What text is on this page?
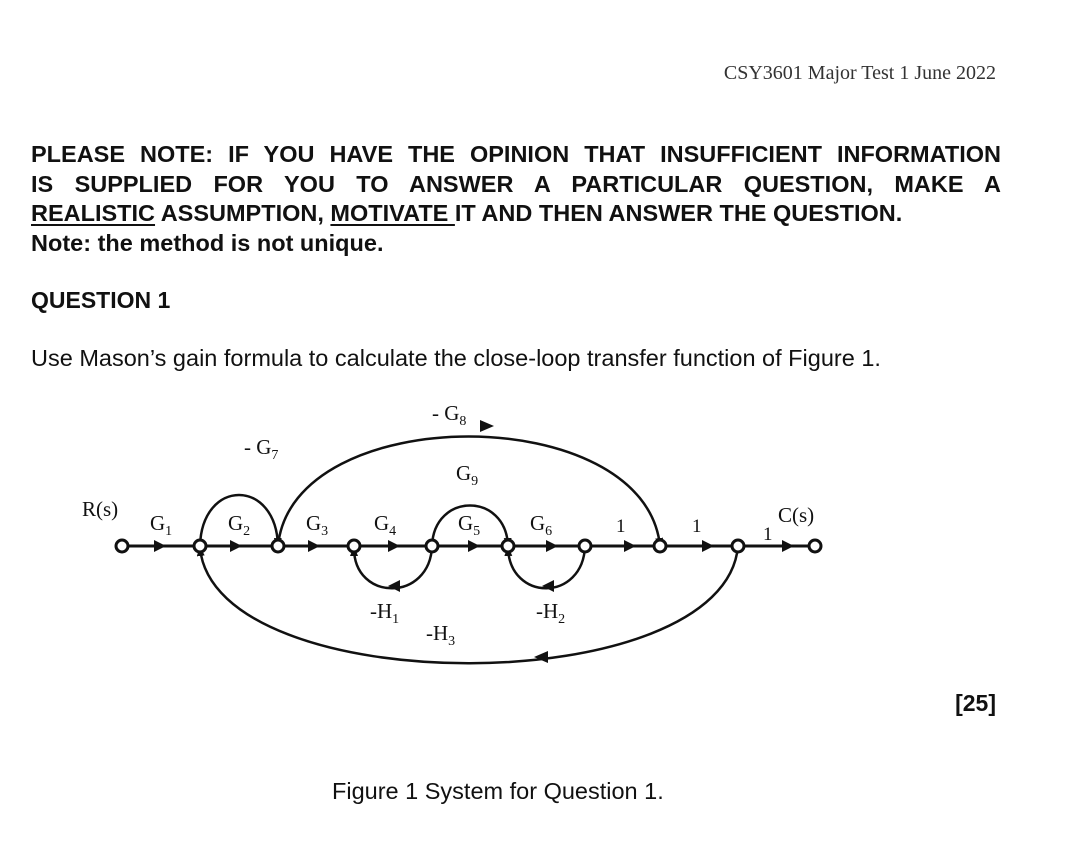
CSY3601 Major Test 1 June 2022
PLEASE NOTE: IF YOU HAVE THE OPINION THAT INSUFFICIENT INFORMATION
IS SUPPLIED FOR YOU TO ANSWER A PARTICULAR QUESTION, MAKE A
REALISTIC ASSUMPTION, MOTIVATE IT AND THEN ANSWER THE QUESTION.
Note: the method is not unique.
QUESTION 1
Use Mason’s gain formula to calculate the close-loop transfer function of Figure 1.
R(s)	C(s)
$G_1$	$G_2$	$G_3$ $G_4$	$G_5$ $G_6$	1	1	1
- $G_7$
- $G_8$
$G_9$
$-H_1$	$-H_2$
$-H_3$
[25]
Figure 1 System for Question 1.
